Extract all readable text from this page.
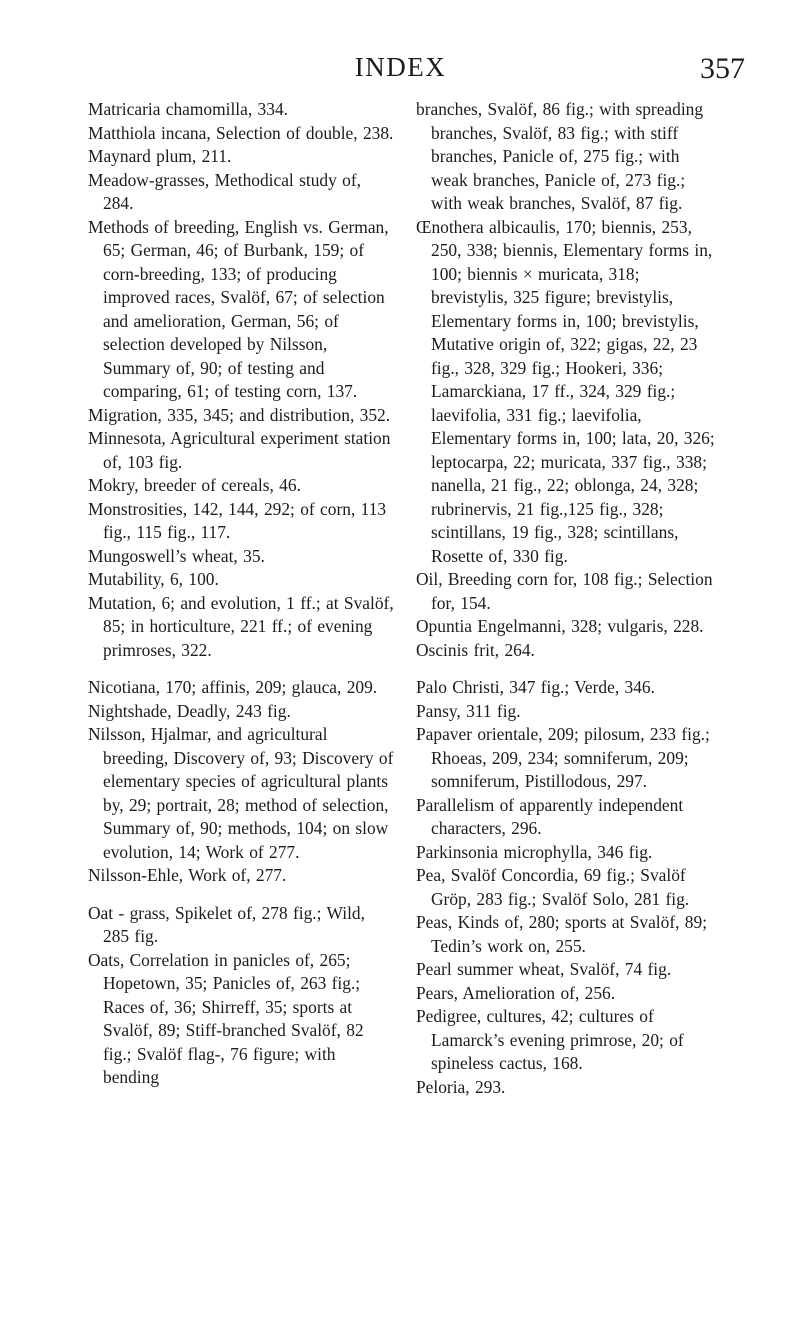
INDEX	357

Matricaria chamomilla, 334.

Matthiola incana, Selection of double, 238.

Maynard plum, 211.

Meadow-grasses, Methodical study of, 284.

Methods of breeding, English vs. German, 65; German, 46; of Burbank, 159; of corn-breeding, 133; of producing improved races, Svalöf, 67; of selection and amelioration, German, 56; of selection developed by Nilsson, Summary of, 90; of testing and comparing, 61; of testing corn, 137.

Migration, 335, 345; and distribution, 352.

Minnesota, Agricultural experiment station of, 103 fig.

Mokry, breeder of cereals, 46.

Monstrosities, 142, 144, 292; of corn, 113 fig., 115 fig., 117.

Mungoswell’s wheat, 35.

Mutability, 6, 100.

Mutation, 6; and evolution, 1 ff.; at Svalöf, 85; in horticulture, 221 ff.; of evening primroses, 322.

Nicotiana, 170; affinis, 209; glauca, 209.

Nightshade, Deadly, 243 fig.

Nilsson, Hjalmar, and agricultural breeding, Discovery of, 93; Discovery of elementary species of agricultural plants by, 29; portrait, 28; method of selection, Summary of, 90; methods, 104; on slow evolution, 14; Work of 277.

Nilsson-Ehle, Work of, 277.

Oat - grass, Spikelet of, 278 fig.; Wild, 285 fig.

Oats, Correlation in panicles of, 265; Hopetown, 35; Panicles of, 263 fig.; Races of, 36; Shirreff, 35; sports at Svalöf, 89; Stiff-branched Svalöf, 82 fig.; Svalöf flag-, 76 figure; with bending

branches, Svalöf, 86 fig.; with spreading branches, Svalöf, 83 fig.; with stiff branches, Panicle of, 275 fig.; with weak branches, Panicle of, 273 fig.; with weak branches, Svalöf, 87 fig.

Œnothera albicaulis, 170; biennis, 253, 250, 338; biennis, Elementary forms in, 100; biennis × muricata, 318; brevistylis, 325 figure; brevistylis, Elementary forms in, 100; brevistylis, Mutative origin of, 322; gigas, 22, 23 fig., 328, 329 fig.; Hookeri, 336; Lamarckiana, 17 ff., 324, 329 fig.; laevifolia, 331 fig.; laevifolia, Elementary forms in, 100; lata, 20, 326; leptocarpa, 22; muricata, 337 fig., 338; nanella, 21 fig., 22; oblonga, 24, 328; rubrinervis, 21 fig.,125 fig., 328; scintillans, 19 fig., 328; scintillans, Rosette of, 330 fig.

Oil, Breeding corn for, 108 fig.; Selection for, 154.

Opuntia Engelmanni, 328; vulgaris, 228.

Oscinis frit, 264.

Palo Christi, 347 fig.; Verde, 346.

Pansy, 311 fig.

Papaver orientale, 209; pilosum, 233 fig.; Rhoeas, 209, 234; somniferum, 209; somniferum, Pistillodous, 297.

Parallelism of apparently independent characters, 296.

Parkinsonia microphylla, 346 fig.

Pea, Svalöf Concordia, 69 fig.; Svalöf Gröp, 283 fig.; Svalöf Solo, 281 fig.

Peas, Kinds of, 280; sports at Svalöf, 89; Tedin’s work on, 255.

Pearl summer wheat, Svalöf, 74 fig.

Pears, Amelioration of, 256.

Pedigree, cultures, 42; cultures of Lamarck’s evening primrose, 20; of spineless cactus, 168.

Peloria, 293.
